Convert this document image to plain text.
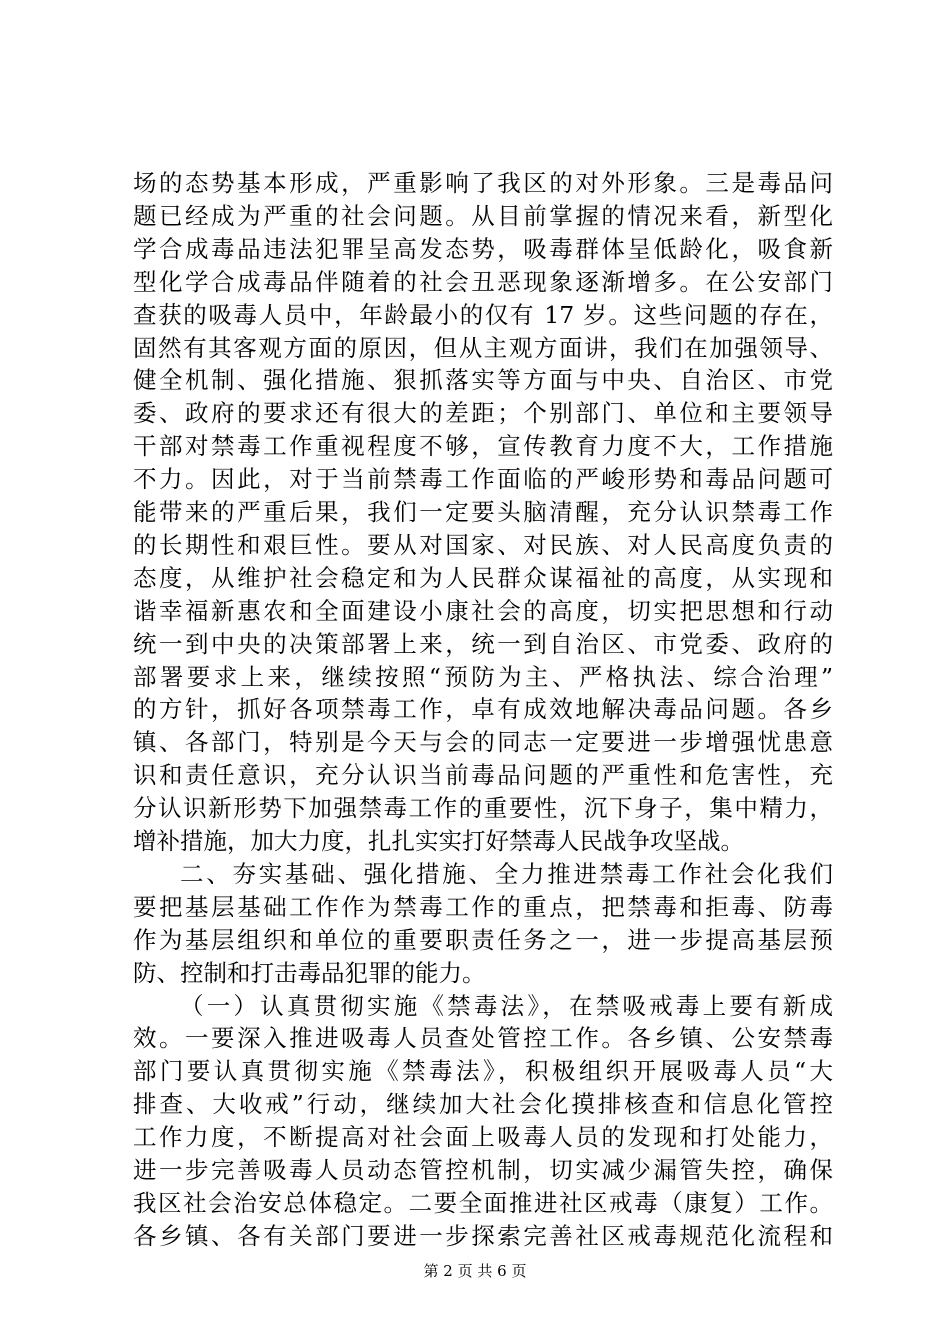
场的态势基本形成，严重影响了我区的对外形象。三是毒品问
题已经成为严重的社会问题。从目前掌握的情况来看，新型化
学合成毒品违法犯罪呈高发态势，吸毒群体呈低龄化，吸食新
型化学合成毒品伴随着的社会丑恶现象逐渐增多。在公安部门
查获的吸毒人员中，年龄最小的仅有 17 岁。这些问题的存在，
固然有其客观方面的原因，但从主观方面讲，我们在加强领导、
健全机制、强化措施、狠抓落实等方面与中央、自治区、市党
委、政府的要求还有很大的差距；个别部门、单位和主要领导
干部对禁毒工作重视程度不够，宣传教育力度不大，工作措施
不力。因此，对于当前禁毒工作面临的严峻形势和毒品问题可
能带来的严重后果，我们一定要头脑清醒，充分认识禁毒工作
的长期性和艰巨性。要从对国家、对民族、对人民高度负责的
态度，从维护社会稳定和为人民群众谋福祉的高度，从实现和
谐幸福新惠农和全面建设小康社会的高度，切实把思想和行动
统一到中央的决策部署上来，统一到自治区、市党委、政府的
部署要求上来，继续按照“预防为主、严格执法、综合治理”
的方针，抓好各项禁毒工作，卓有成效地解决毒品问题。各乡
镇、各部门，特别是今天与会的同志一定要进一步增强忧患意
识和责任意识，充分认识当前毒品问题的严重性和危害性，充
分认识新形势下加强禁毒工作的重要性，沉下身子，集中精力，
增补措施，加大力度，扎扎实实打好禁毒人民战争攻坚战。
二、夯实基础、强化措施、全力推进禁毒工作社会化我们
要把基层基础工作作为禁毒工作的重点，把禁毒和拒毒、防毒
作为基层组织和单位的重要职责任务之一，进一步提高基层预
防、控制和打击毒品犯罪的能力。
（一）认真贯彻实施《禁毒法》，在禁吸戒毒上要有新成
效。一要深入推进吸毒人员查处管控工作。各乡镇、公安禁毒
部门要认真贯彻实施《禁毒法》，积极组织开展吸毒人员“大
排查、大收戒”行动，继续加大社会化摸排核查和信息化管控
工作力度，不断提高对社会面上吸毒人员的发现和打处能力，
进一步完善吸毒人员动态管控机制，切实减少漏管失控，确保
我区社会治安总体稳定。二要全面推进社区戒毒（康复）工作。
各乡镇、各有关部门要进一步探索完善社区戒毒规范化流程和
第 2 页 共 6 页
